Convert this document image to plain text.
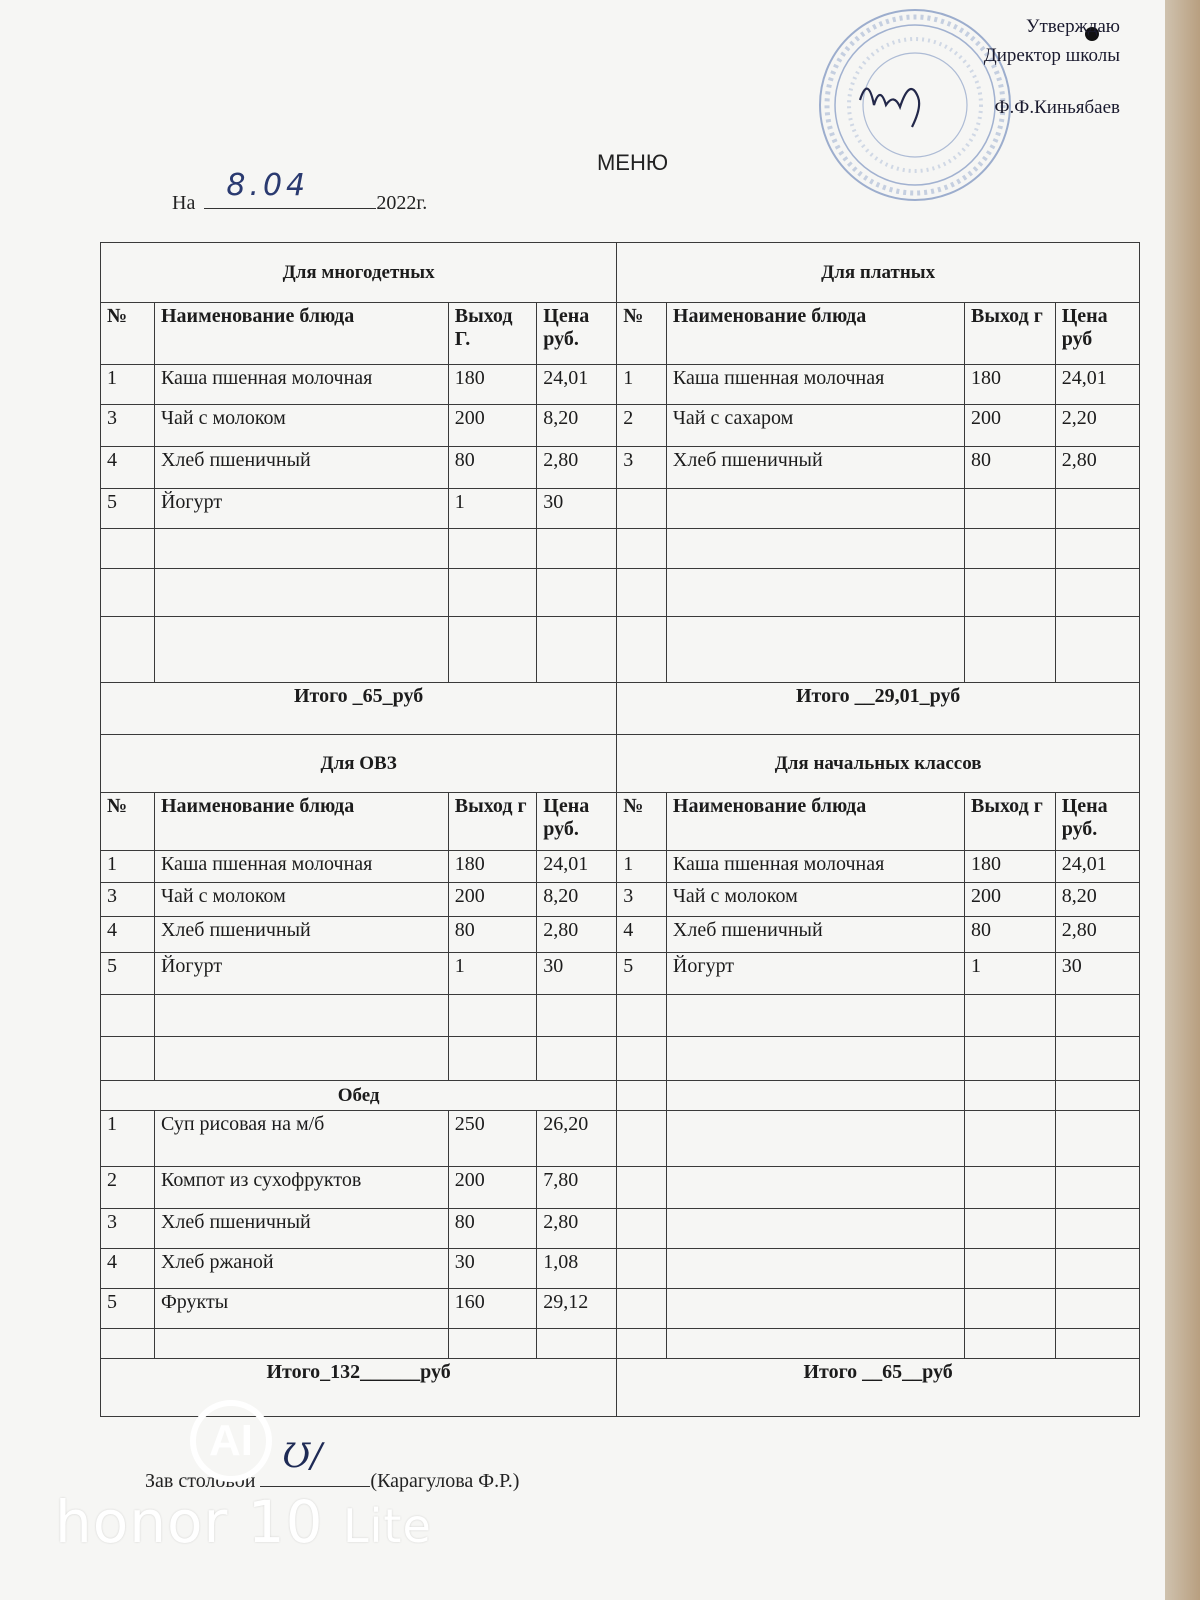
Утверждаю
Директор школы
Ф.Ф.Киньябаев
МЕНЮ
На 8.04	2022г.
Для многодетных				Для платных			
№	Наименование блюда	Выход Г.	Цена руб.	№	Наименование блюда	Выход г	Цена руб
1	Каша пшенная молочная	180	24,01	1	Каша пшенная молочная	180	24,01
3	Чай с молоком	200	8,20	2	Чай с сахаром	200	2,20
4	Хлеб пшеничный	80	2,80	3	Хлеб пшеничный	80	2,80
5	Йогурт	1	30				

Итого _65_руб				Итого __29,01_руб			
Для ОВЗ				Для начальных классов			
№	Наименование блюда	Выход г	Цена руб.	№	Наименование блюда	Выход г	Цена руб.
1	Каша пшенная молочная	180	24,01	1	Каша пшенная молочная	180	24,01
3	Чай с молоком	200	8,20	3	Чай с молоком	200	8,20
4	Хлеб пшеничный	80	2,80	4	Хлеб пшеничный	80	2,80
5	Йогурт	1	30	5	Йогурт	1	30

Обед							
1	Суп рисовая на м/б	250	26,20				
2	Компот из сухофруктов	200	7,80				
3	Хлеб пшеничный	80	2,80				
4	Хлеб ржаной	30	1,08				
5	Фрукты	160	29,12				

Итого_132______руб				Итого __65__руб			
Зав столовой
Ʊ/
(Карагулова Ф.Р.)
AI
honor 10 Lite
